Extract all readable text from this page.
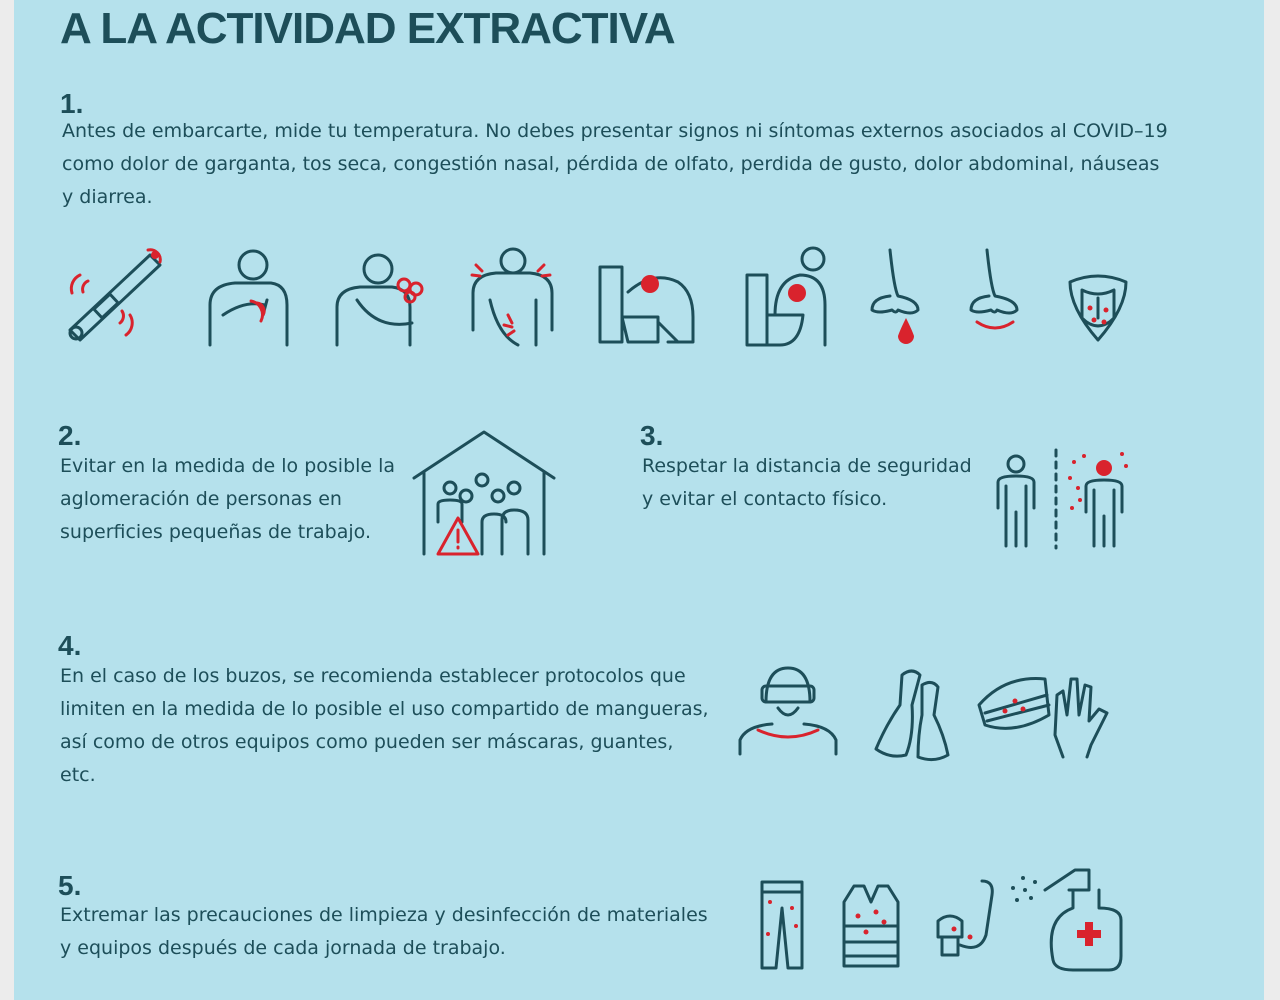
A LA ACTIVIDAD EXTRACTIVA
1.
Antes de embarcarte, mide tu temperatura. No debes presentar signos ni síntomas externos asociados al COVID–19
como dolor de garganta, tos seca, congestión nasal, pérdida de olfato, perdida de gusto, dolor abdominal, náuseas
y diarrea.
2.
Evitar en la medida de lo posible la
aglomeración de personas en
superficies pequeñas de trabajo.
3.
Respetar la distancia de seguridad
y evitar el contacto físico.
4.
En el caso de los buzos, se recomienda establecer protocolos que
limiten en la medida de lo posible el uso compartido de mangueras,
así como de otros equipos como pueden ser máscaras, guantes,
etc.
5.
Extremar las precauciones de limpieza y desinfección de materiales
y equipos después de cada jornada de trabajo.
